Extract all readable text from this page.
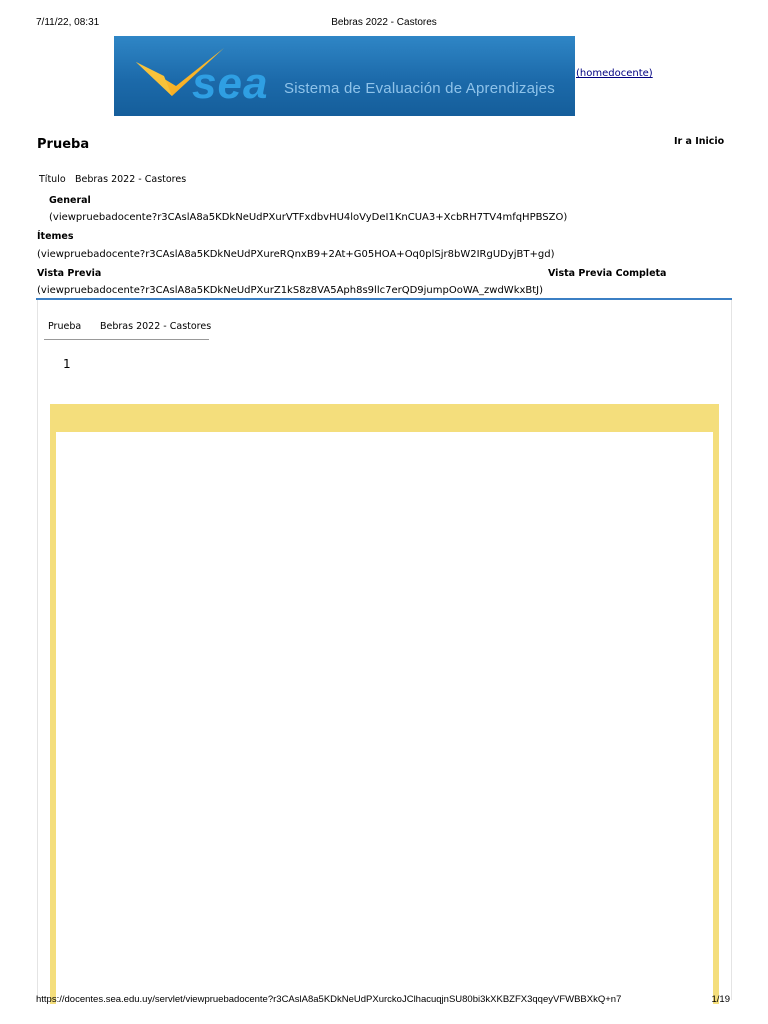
7/11/22, 08:31	Bebras 2022 - Castores
sea Sistema de Evaluación de Aprendizajes
(homedocente)
Prueba	Ir a Inicio
Título Bebras 2022 - Castores
General
(viewpruebadocente?r3CAslA8a5KDkNeUdPXurVTFxdbvHU4loVyDeI1KnCUA3+XcbRH7TV4mfqHPBSZO)
Ítemes
(viewpruebadocente?r3CAslA8a5KDkNeUdPXureRQnxB9+2At+G05HOA+Oq0plSjr8bW2IRgUDyjBT+gd)
Vista Previa	Vista Previa Completa
(viewpruebadocente?r3CAslA8a5KDkNeUdPXurZ1kS8z8VA5Aph8s9llc7erQD9jumpOoWA_zwdWkxBtJ)
Prueba Bebras 2022 - Castores
1
https://docentes.sea.edu.uy/servlet/viewpruebadocente?r3CAslA8a5KDkNeUdPXurckoJClhacuqjnSU80bi3kXKBZFX3qqeyVFWBBXkQ+n7	1/19
